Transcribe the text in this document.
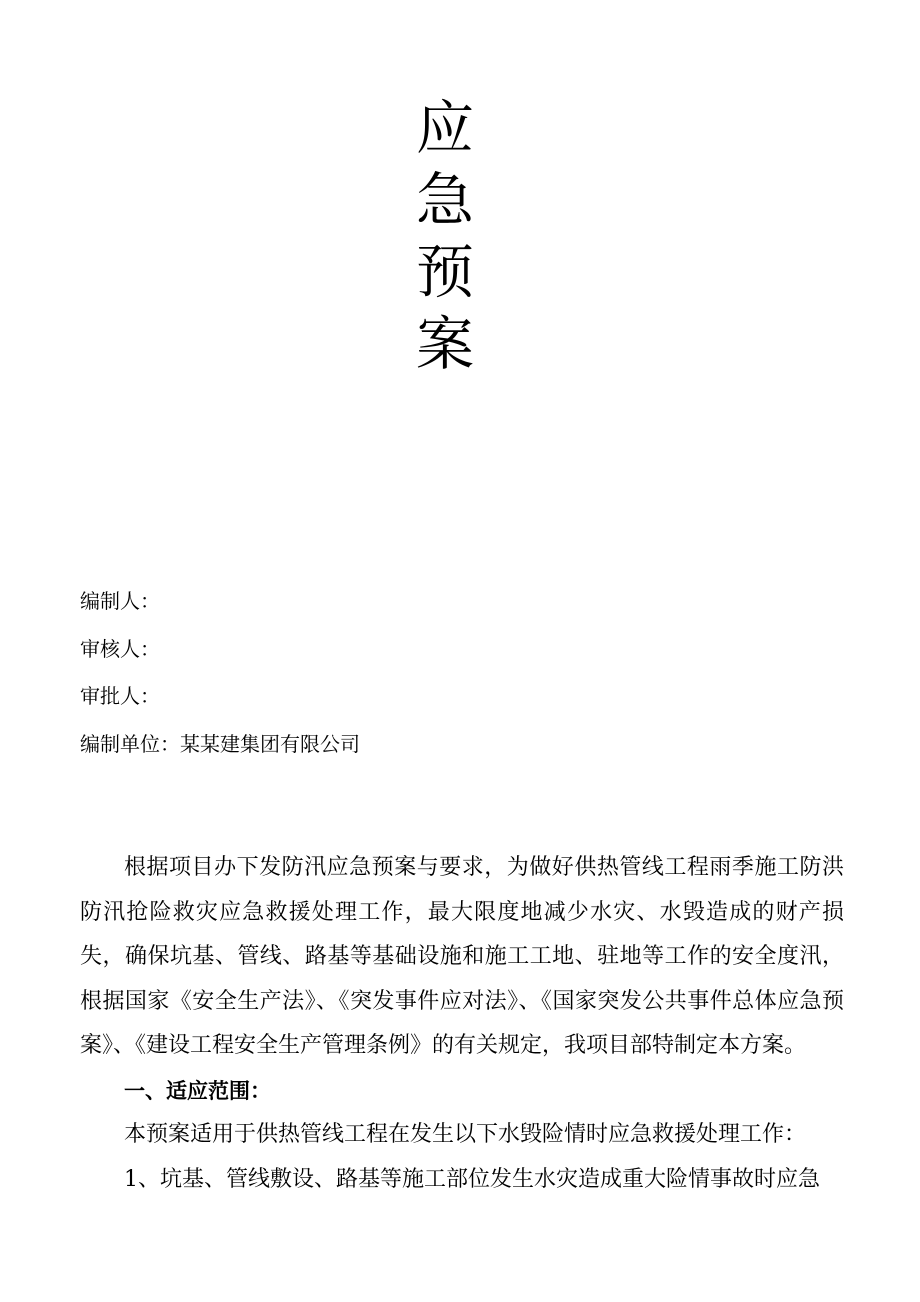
应
急
预
案
编制人：
审核人：
审批人：
编制单位：某某建集团有限公司

根据项目办下发防汛应急预案与要求，为做好供热管线工程雨季施工防洪防汛抢险救灾应急救援处理工作，最大限度地减少水灾、水毁造成的财产损失，确保坑基、管线、路基等基础设施和施工工地、驻地等工作的安全度汛，根据国家《安全生产法》、《突发事件应对法》、《国家突发公共事件总体应急预案》、《建设工程安全生产管理条例》的有关规定，我项目部特制定本方案。

一、适应范围：

本预案适用于供热管线工程在发生以下水毁险情时应急救援处理工作：

1、坑基、管线敷设、路基等施工部位发生水灾造成重大险情事故时应急
